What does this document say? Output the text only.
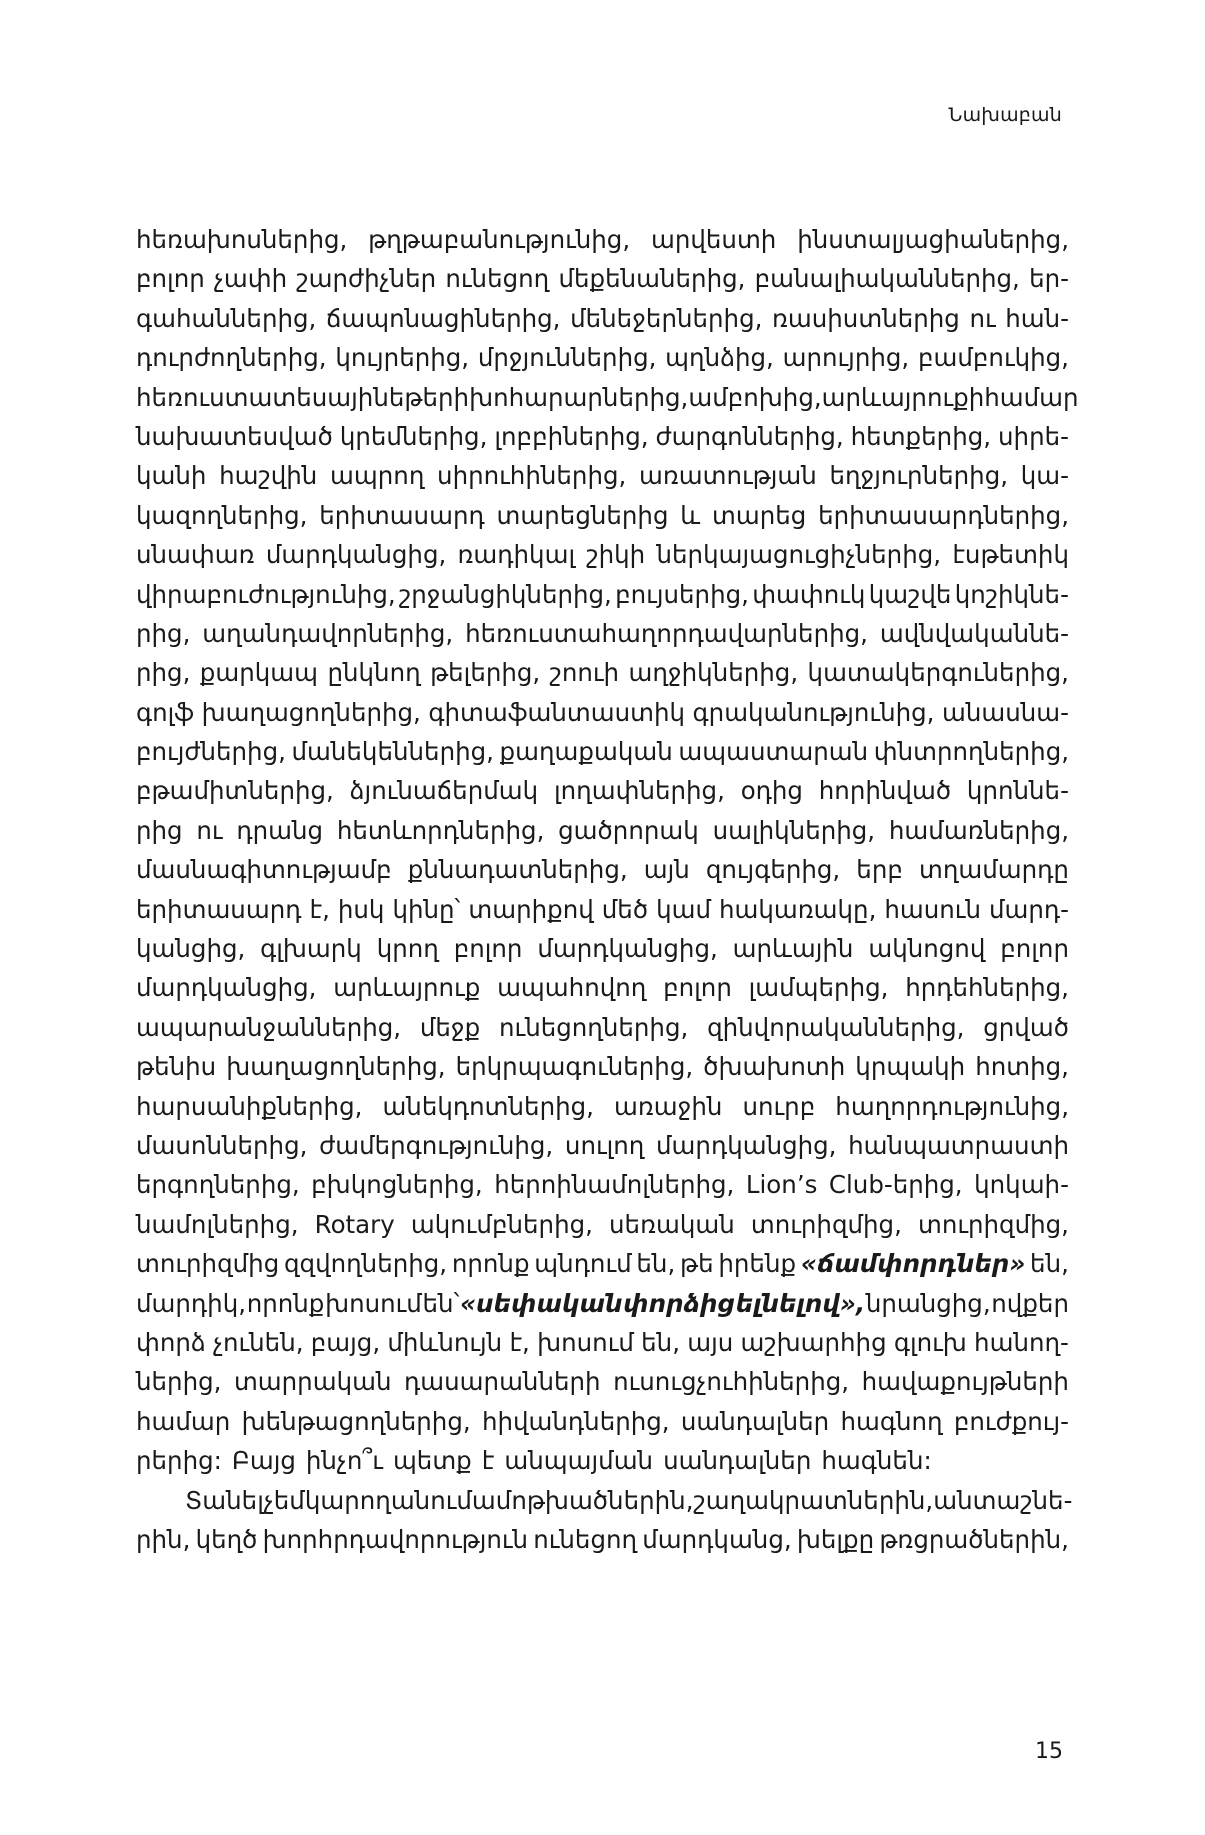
Նախաբան
հեռախոսներից, թղթաբանությունից, արվեստի ինստալյացիաներից,
բոլոր չափի շարժիչներ ունեցող մեքենաներից, բանալիականներից, եր-
գահաններից, ճապոնացիներից, մենեջերներից, ռասիստներից ու հան-
դուրժողներից, կույրերից, մրջյուններից, պղնձից, արույրից, բամբուկից,
հեռուստատեսային եթերի խոհարարներից, ամբոխից, արևայրուքի համար
նախատեսված կրեմներից, լոբբիներից, ժարգոններից, հետքերից, սիրե-
կանի հաշվին ապրող սիրուհիներից, առատության եղջյուրներից, կա-
կազողներից, երիտասարդ տարեցներից և տարեց երիտասարդներից,
սնափառ մարդկանցից, ռադիկալ շիկի ներկայացուցիչներից, էսթետիկ
վիրաբուժությունից, շրջանցիկներից, բույսերից, փափուկ կաշվե կոշիկնե-
րից, աղանդավորներից, հեռուստահաղորդավարներից, ավնվականնե-
րից, քարկապ ընկնող թելերից, շոուի աղջիկներից, կատակերգուներից,
գոլֆ խաղացողներից, գիտաֆանտաստիկ գրականությունից, անասնա-
բույժներից, մանեկեններից, քաղաքական ապաստարան փնտրողներից,
բթամիտներից, ձյունաճերմակ լողափներից, օդից հորինված կրոննե-
րից ու դրանց հետևորդներից, ցածրորակ սալիկներից, համառներից,
մասնագիտությամբ քննադատներից, այն զույգերից, երբ տղամարդը
երիտասարդ է, իսկ կինը՝ տարիքով մեծ կամ հակառակը, հասուն մարդ-
կանցից, գլխարկ կրող բոլոր մարդկանցից, արևային ակնոցով բոլոր
մարդկանցից, արևայրուք ապահովող բոլոր լամպերից, հրդեհներից,
ապարանջաններից, մեջք ունեցողներից, զինվորականներից, ցրված
թենիս խաղացողներից, երկրպագուներից, ծխախոտի կրպակի հոտից,
հարսանիքներից, անեկդոտներից, առաջին սուրբ հաղորդությունից,
մասոններից, ժամերգությունից, սուլող մարդկանցից, հանպատրաստի
երգողներից, բխկոցներից, հերոինամոլներից, Lion’s Club-երից, կոկաի-
նամոլներից, Rotary ակումբներից, սեռական տուրիզմից, տուրիզմից,
տուրիզմից զզվողներից, որոնք պնդում են, թե իրենք «ճամփորդներ» են,
մարդիկ, որոնք խոսում են՝ «սեփական փորձից ելնելով», նրանցից, ովքեր
փորձ չունեն, բայց, միևնույն է, խոսում են, այս աշխարհից գլուխ հանող-
ներից, տարրական դասարանների ուսուցչուհիներից, հավաքույթների
համար խենթացողներից, հիվանդներից, սանդալներ հագնող բուժքույ-
րերից: Բայց ինչո՞ւ պետք է անպայման սանդալներ հագնեն:
Տանել չեմ կարողանում ամոթխածներին, շաղակրատներին, անտաշնե-
րին, կեղծ խորհրդավորություն ունեցող մարդկանց, խելքը թռցրածներին,
15
